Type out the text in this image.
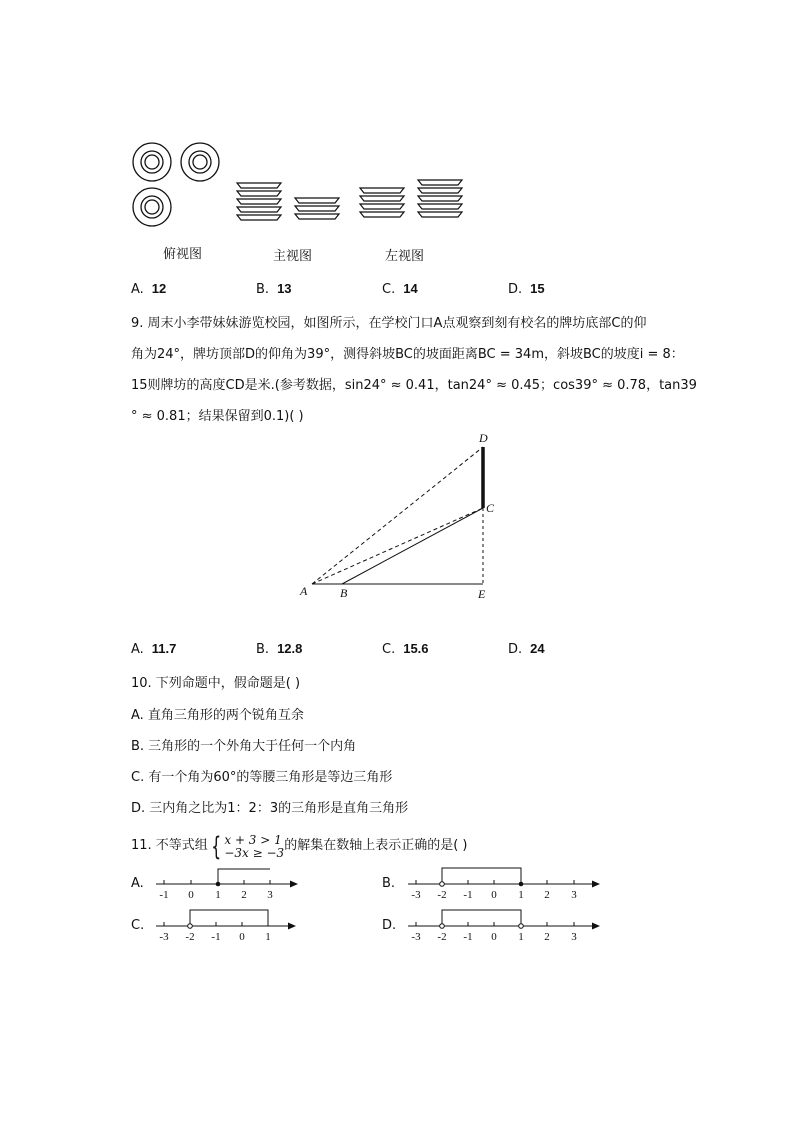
俯视图	主视图	左视图
A. 12	B. 13	C. 14	D. 15
9. 周末小李带妹妹游览校园，如图所示，在学校门口A点观察到刻有校名的牌坊底部C的仰
角为24°，牌坊顶部D的仰角为39°，测得斜坡BC的坡面距离BC = 34m，斜坡BC的坡度i = 8：
15则牌坊的高度CD是米.(参考数据，sin24° ≈ 0.41，tan24° ≈ 0.45；cos39° ≈ 0.78，tan39
° ≈ 0.81；结果保留到0.1)( )
A	B
C
D
E
A. 11.7	B. 12.8	C. 15.6	D. 24
10. 下列命题中，假命题是( )
A. 直角三角形的两个锐角互余
B. 三角形的一个外角大于任何一个内角
C. 有一个角为60°的等腰三角形是等边三角形
D. 三内角之比为1：2：3的三角形是直角三角形
11. 不等式组 { x + 3 > 1
−3x ≥ −3的解集在数轴上表示正确的是( )
A.
-1 0 1 2 3
B.
-3 -2 -1 0 1 2 3
C.
-3 -2 -1 0 1
D.
-3 -2 -1 0 1 2 3
